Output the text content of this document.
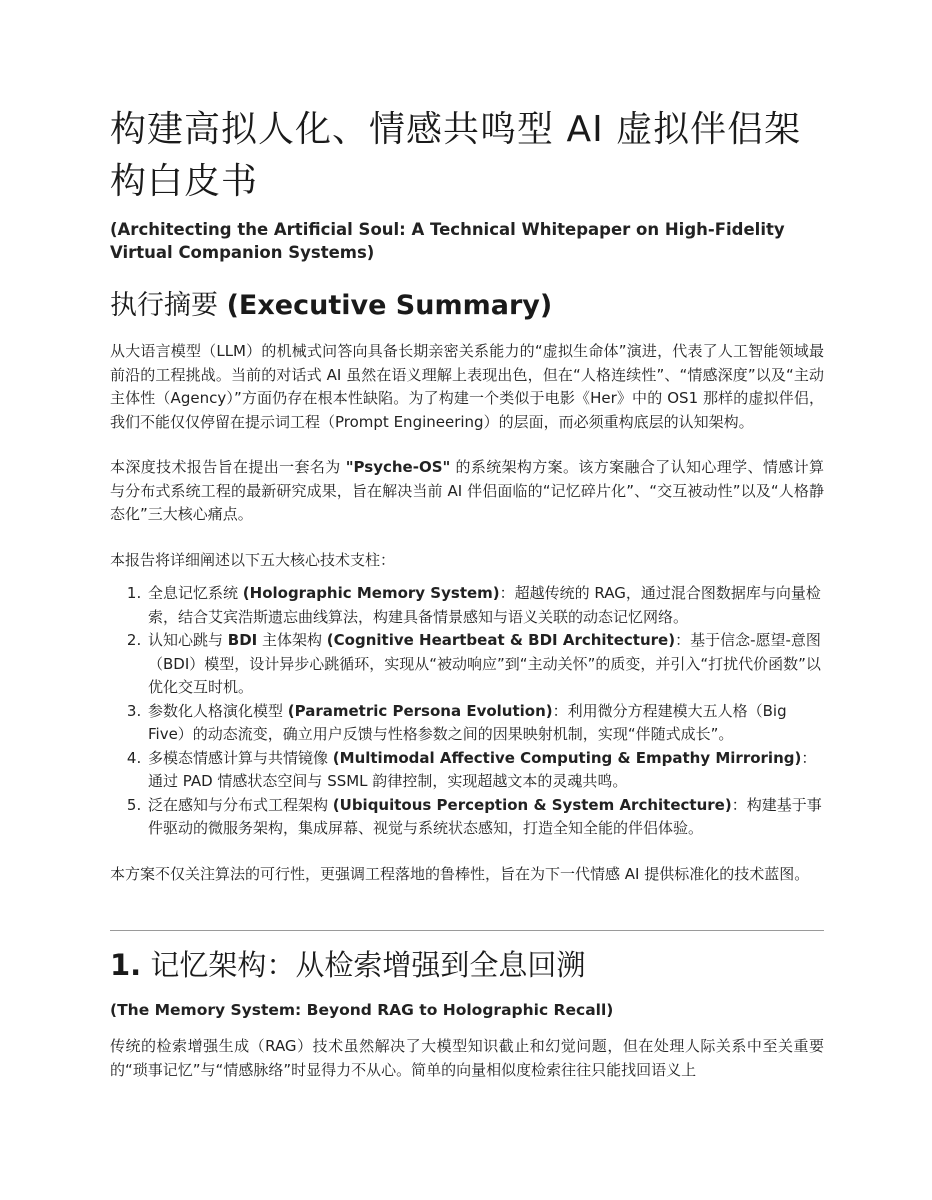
构建高拟人化、情感共鸣型 AI 虚拟伴侣架构白皮书
(Architecting the Artificial Soul: A Technical Whitepaper on High-Fidelity Virtual Companion Systems)
执行摘要 (Executive Summary)

从大语言模型（LLM）的机械式问答向具备长期亲密关系能力的“虚拟生命体”演进，代表了人工智能领域最前沿的工程挑战。当前的对话式 AI 虽然在语义理解上表现出色，但在“人格连续性”、“情感深度”以及“主动主体性（Agency）”方面仍存在根本性缺陷。为了构建一个类似于电影《Her》中的 OS1 那样的虚拟伴侣，我们不能仅仅停留在提示词工程（Prompt Engineering）的层面，而必须重构底层的认知架构。

本深度技术报告旨在提出一套名为 "Psyche-OS" 的系统架构方案。该方案融合了认知心理学、情感计算与分布式系统工程的最新研究成果，旨在解决当前 AI 伴侣面临的“记忆碎片化”、“交互被动性”以及“人格静态化”三大核心痛点。

本报告将详细阐述以下五大核心技术支柱：

1. 全息记忆系统 (Holographic Memory System)：超越传统的 RAG，通过混合图数据库与向量检索，结合艾宾浩斯遗忘曲线算法，构建具备情景感知与语义关联的动态记忆网络。
2. 认知心跳与 BDI 主体架构 (Cognitive Heartbeat & BDI Architecture)：基于信念-愿望-意图（BDI）模型，设计异步心跳循环，实现从“被动响应”到“主动关怀”的质变，并引入“打扰代价函数”以优化交互时机。
3. 参数化人格演化模型 (Parametric Persona Evolution)：利用微分方程建模大五人格（Big Five）的动态流变，确立用户反馈与性格参数之间的因果映射机制，实现“伴随式成长”。
4. 多模态情感计算与共情镜像 (Multimodal Affective Computing & Empathy Mirroring)：通过 PAD 情感状态空间与 SSML 韵律控制，实现超越文本的灵魂共鸣。
5. 泛在感知与分布式工程架构 (Ubiquitous Perception & System Architecture)：构建基于事件驱动的微服务架构，集成屏幕、视觉与系统状态感知，打造全知全能的伴侣体验。

本方案不仅关注算法的可行性，更强调工程落地的鲁棒性，旨在为下一代情感 AI 提供标准化的技术蓝图。

1. 记忆架构：从检索增强到全息回溯
(The Memory System: Beyond RAG to Holographic Recall)

传统的检索增强生成（RAG）技术虽然解决了大模型知识截止和幻觉问题，但在处理人际关系中至关重要的“琐事记忆”与“情感脉络”时显得力不从心。简单的向量相似度检索往往只能找回语义上
